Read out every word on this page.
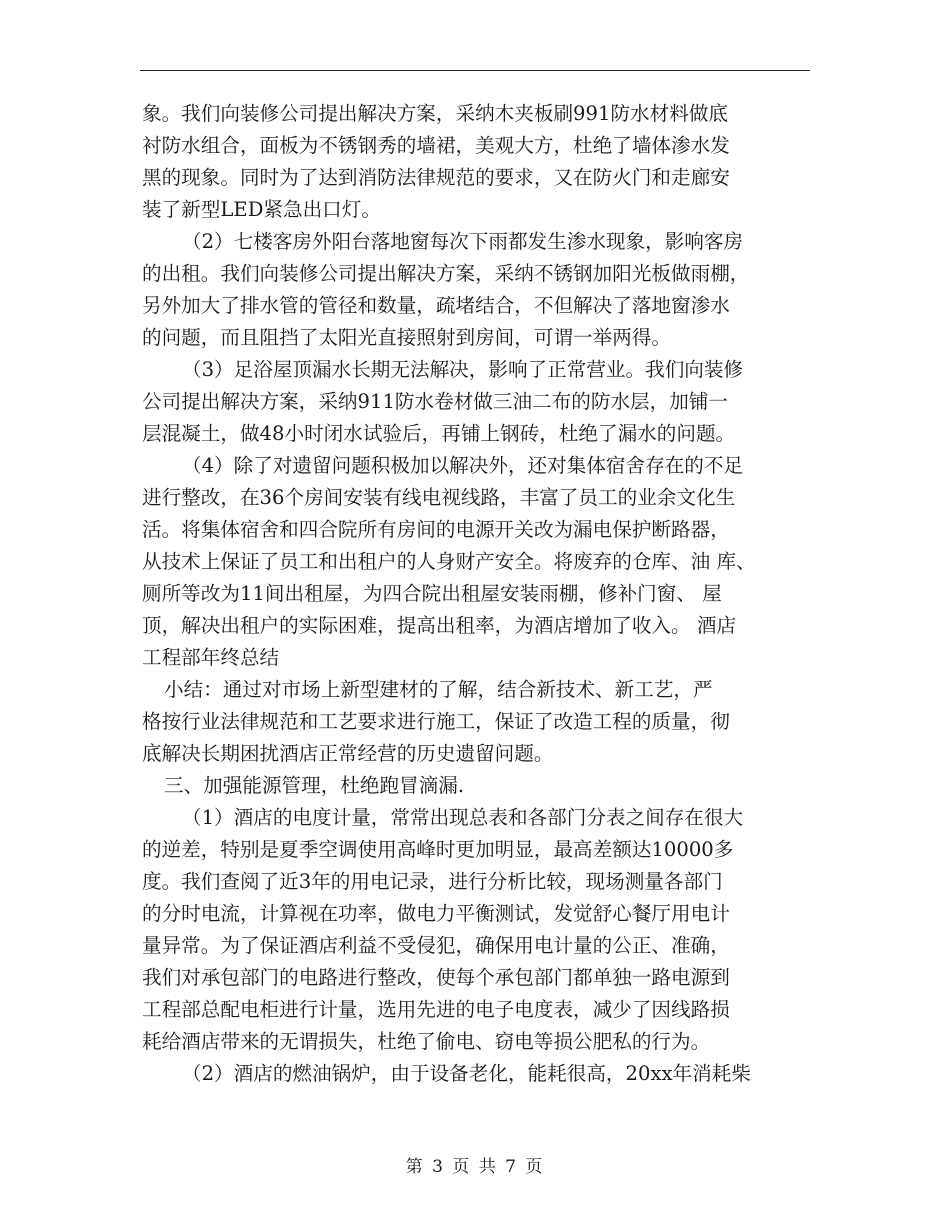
象。我们向装修公司提出解决方案，采纳木夹板刷991防水材料做底
衬防水组合，面板为不锈钢秀的墙裙，美观大方，杜绝了墙体渗水发
黑的现象。同时为了达到消防法律规范的要求，又在防火门和走廊安
装了新型LED紧急出口灯。
（2）七楼客房外阳台落地窗每次下雨都发生渗水现象，影响客房
的出租。我们向装修公司提出解决方案，采纳不锈钢加阳光板做雨棚，
另外加大了排水管的管径和数量，疏堵结合，不但解决了落地窗渗水
的问题，而且阻挡了太阳光直接照射到房间，可谓一举两得。
（3）足浴屋顶漏水长期无法解决，影响了正常营业。我们向装修
公司提出解决方案，采纳911防水卷材做三油二布的防水层，加铺一
层混凝土，做48小时闭水试验后，再铺上钢砖，杜绝了漏水的问题。
（4）除了对遗留问题积极加以解决外，还对集体宿舍存在的不足
进行整改，在36个房间安装有线电视线路，丰富了员工的业余文化生
活。将集体宿舍和四合院所有房间的电源开关改为漏电保护断路器，
从技术上保证了员工和出租户的人身财产安全。将废弃的仓库、油 库、
厕所等改为11间出租屋，为四合院出租屋安装雨棚，修补门窗、 屋
顶，解决出租户的实际困难，提高出租率，为酒店增加了收入。 酒店
工程部年终总结
小结：通过对市场上新型建材的了解，结合新技术、新工艺，严
格按行业法律规范和工艺要求进行施工，保证了改造工程的质量，彻
底解决长期困扰酒店正常经营的历史遗留问题。
三、加强能源管理，杜绝跑冒滴漏.
（1）酒店的电度计量，常常出现总表和各部门分表之间存在很大
的逆差，特别是夏季空调使用高峰时更加明显，最高差额达10000多
度。我们查阅了近3年的用电记录，进行分析比较，现场测量各部门
的分时电流，计算视在功率，做电力平衡测试，发觉舒心餐厅用电计
量异常。为了保证酒店利益不受侵犯，确保用电计量的公正、准确，
我们对承包部门的电路进行整改，使每个承包部门都单独一路电源到
工程部总配电柜进行计量，选用先进的电子电度表，减少了因线路损
耗给酒店带来的无谓损失，杜绝了偷电、窃电等损公肥私的行为。
（2）酒店的燃油锅炉，由于设备老化，能耗很高，20xx年消耗柴
第 3 页 共 7 页
